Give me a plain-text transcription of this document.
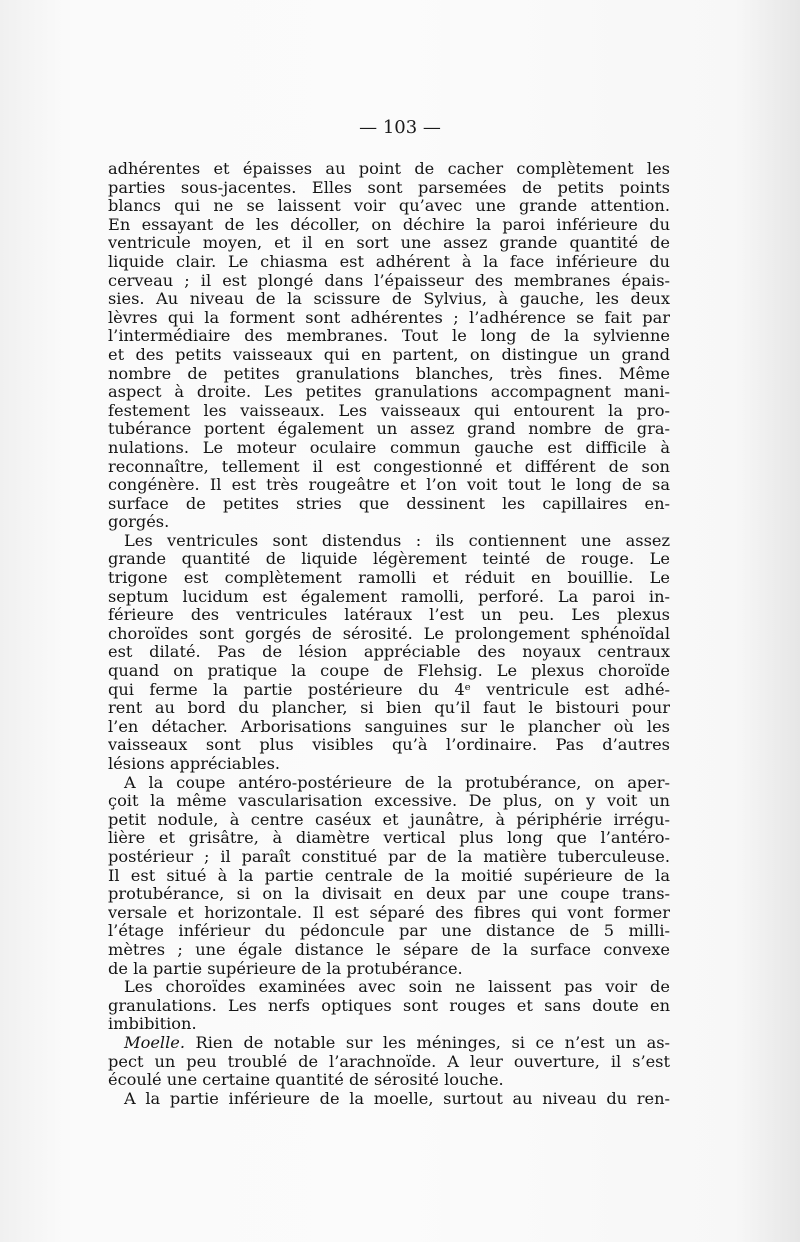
— 103 —
adhérentes et épaisses au point de cacher complètement les
parties sous-jacentes. Elles sont parsemées de petits points
blancs qui ne se laissent voir qu’avec une grande attention.
En essayant de les décoller, on déchire la paroi inférieure du
ventricule moyen, et il en sort une assez grande quantité de
liquide clair. Le chiasma est adhérent à la face inférieure du
cerveau ; il est plongé dans l’épaisseur des membranes épais-
sies. Au niveau de la scissure de Sylvius, à gauche, les deux
lèvres qui la forment sont adhérentes ; l’adhérence se fait par
l’intermédiaire des membranes. Tout le long de la sylvienne
et des petits vaisseaux qui en partent, on distingue un grand
nombre de petites granulations blanches, très fines. Même
aspect à droite. Les petites granulations accompagnent mani-
festement les vaisseaux. Les vaisseaux qui entourent la pro-
tubérance portent également un assez grand nombre de gra-
nulations. Le moteur oculaire commun gauche est difficile à
reconnaître, tellement il est congestionné et différent de son
congénère. Il est très rougeâtre et l’on voit tout le long de sa
surface de petites stries que dessinent les capillaires en-
gorgés.
Les ventricules sont distendus : ils contiennent une assez
grande quantité de liquide légèrement teinté de rouge. Le
trigone est complètement ramolli et réduit en bouillie. Le
septum lucidum est également ramolli, perforé. La paroi in-
férieure des ventricules latéraux l’est un peu. Les plexus
choroïdes sont gorgés de sérosité. Le prolongement sphénoïdal
est dilaté. Pas de lésion appréciable des noyaux centraux
quand on pratique la coupe de Flehsig. Le plexus choroïde
qui ferme la partie postérieure du 4ᵉ ventricule est adhé-
rent au bord du plancher, si bien qu’il faut le bistouri pour
l’en détacher. Arborisations sanguines sur le plancher où les
vaisseaux sont plus visibles qu’à l’ordinaire. Pas d’autres
lésions appréciables.
A la coupe antéro-postérieure de la protubérance, on aper-
çoit la même vascularisation excessive. De plus, on y voit un
petit nodule, à centre caséux et jaunâtre, à périphérie irrégu-
lière et grisâtre, à diamètre vertical plus long que l’antéro-
postérieur ; il paraît constitué par de la matière tuberculeuse.
Il est situé à la partie centrale de la moitié supérieure de la
protubérance, si on la divisait en deux par une coupe trans-
versale et horizontale. Il est séparé des fibres qui vont former
l’étage inférieur du pédoncule par une distance de 5 milli-
mètres ; une égale distance le sépare de la surface convexe
de la partie supérieure de la protubérance.
Les choroïdes examinées avec soin ne laissent pas voir de
granulations. Les nerfs optiques sont rouges et sans doute en
imbibition.
Moelle. Rien de notable sur les méninges, si ce n’est un as-
pect un peu troublé de l’arachnoïde. A leur ouverture, il s’est
écoulé une certaine quantité de sérosité louche.
A la partie inférieure de la moelle, surtout au niveau du ren-
